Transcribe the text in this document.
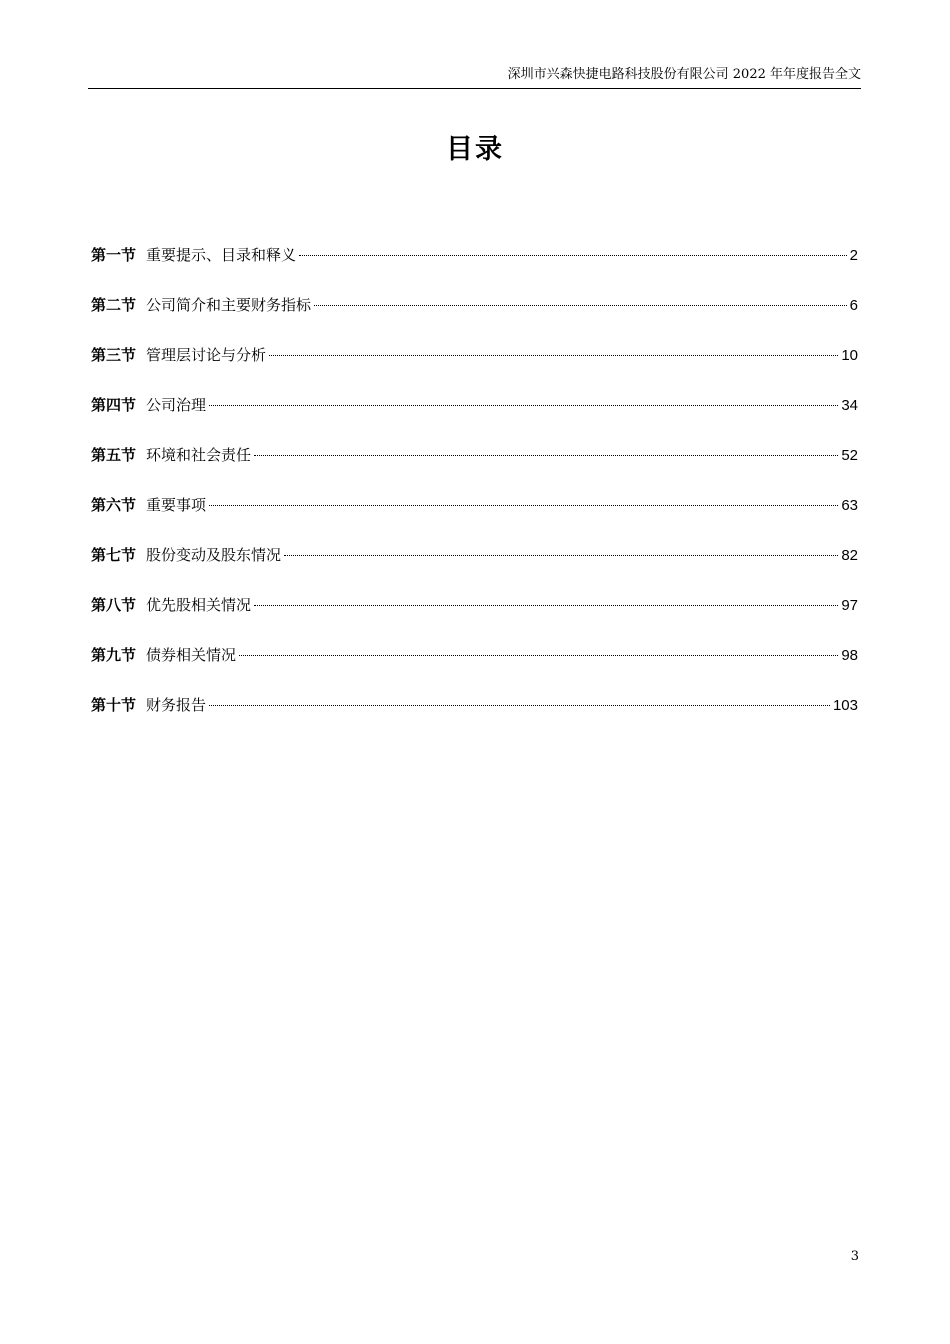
深圳市兴森快捷电路科技股份有限公司 2022 年年度报告全文
目录
第一节 重要提示、目录和释义	2
第二节 公司简介和主要财务指标	6
第三节 管理层讨论与分析	10
第四节 公司治理	34
第五节 环境和社会责任	52
第六节 重要事项	63
第七节 股份变动及股东情况	82
第八节 优先股相关情况	97
第九节 债券相关情况	98
第十节 财务报告	103
3
